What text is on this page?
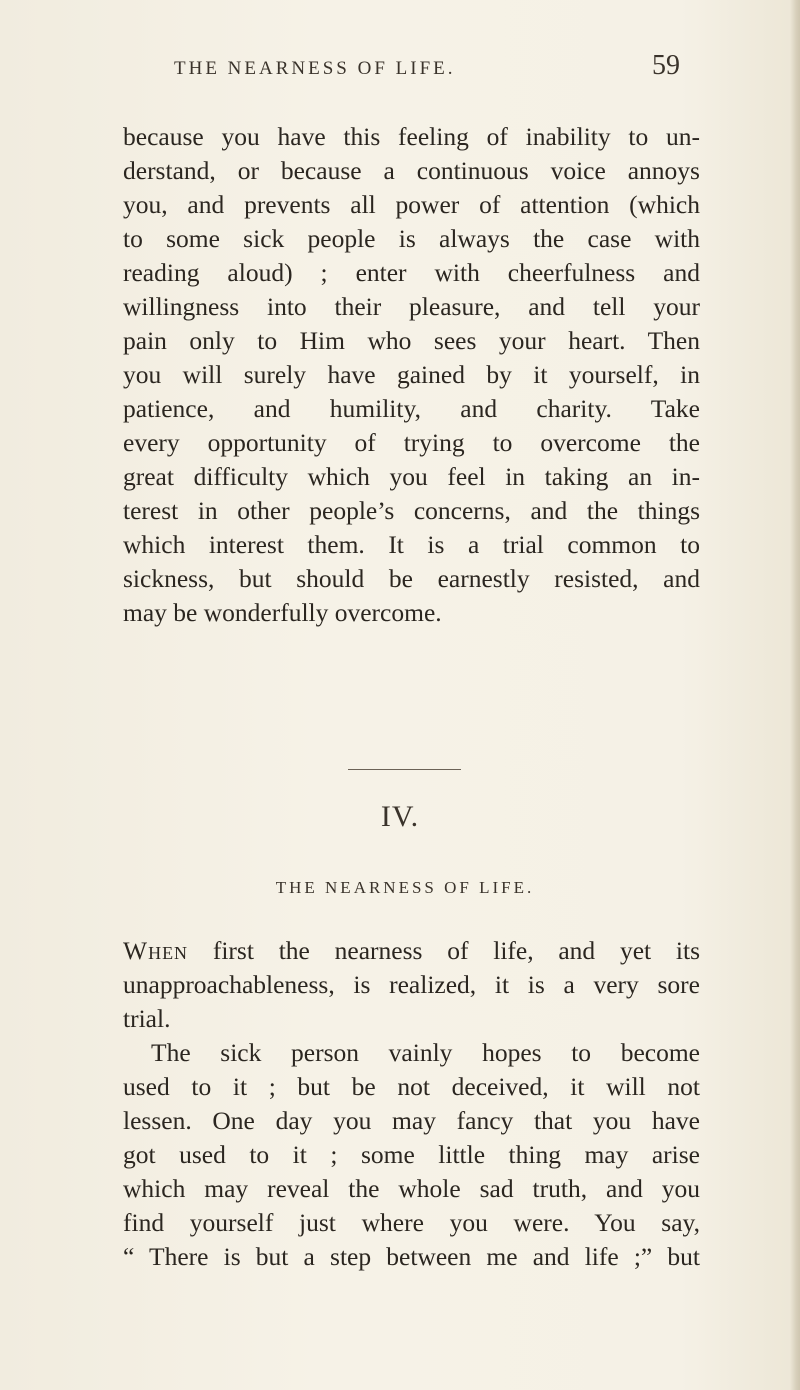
THE NEARNESS OF LIFE.	59

because you have this feeling of inability to un-
derstand, or because a continuous voice annoys
you, and prevents all power of attention (which
to some sick people is always the case with
reading aloud) ; enter with cheerfulness and
willingness into their pleasure, and tell your
pain only to Him who sees your heart. Then
you will surely have gained by it yourself, in
patience, and humility, and charity. Take
every opportunity of trying to overcome the
great difficulty which you feel in taking an in-
terest in other people’s concerns, and the things
which interest them. It is a trial common to
sickness, but should be earnestly resisted, and
may be wonderfully overcome.

IV.
THE NEARNESS OF LIFE.

When first the nearness of life, and yet its
unapproachableness, is realized, it is a very sore
trial.

The sick person vainly hopes to become
used to it ; but be not deceived, it will not
lessen. One day you may fancy that you have
got used to it ; some little thing may arise
which may reveal the whole sad truth, and you
find yourself just where you were. You say,
“ There is but a step between me and life ;” but
